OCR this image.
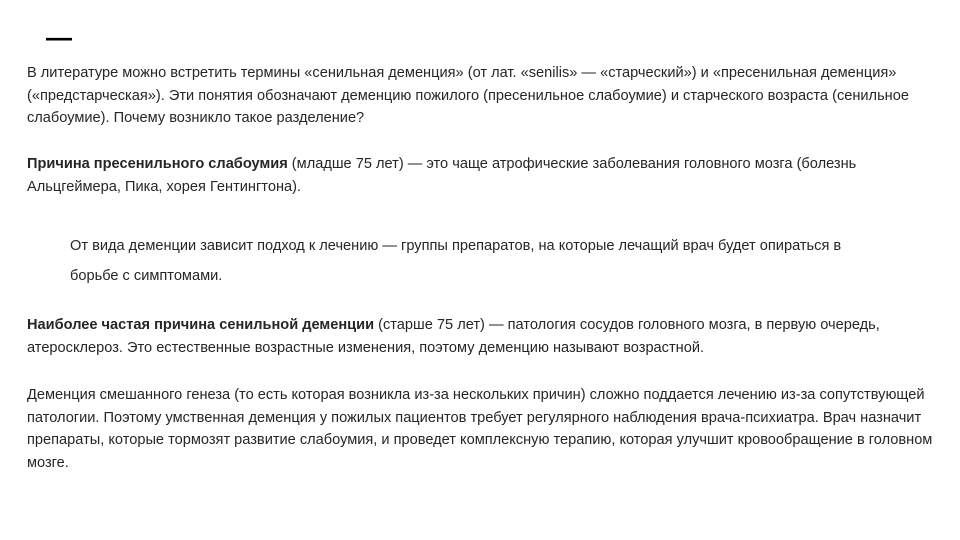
—

В литературе можно встретить термины «сенильная деменция» (от лат. «senilis» — «старческий») и «пресенильная деменция» («предстарческая»). Эти понятия обозначают деменцию пожилого (пресенильное слабоумие) и старческого возраста (сенильное слабоумие). Почему возникло такое разделение?

Причина пресенильного слабоумия (младше 75 лет) — это чаще атрофические заболевания головного мозга (болезнь Альцгеймера, Пика, хорея Гентингтона).

От вида деменции зависит подход к лечению — группы препаратов, на которые лечащий врач будет опираться в борьбе с симптомами.

Наиболее частая причина сенильной деменции (старше 75 лет) — патология сосудов головного мозга, в первую очередь, атеросклероз. Это естественные возрастные изменения, поэтому деменцию называют возрастной.

Деменция смешанного генеза (то есть которая возникла из-за нескольких причин) сложно поддается лечению из-за сопутствующей патологии. Поэтому умственная деменция у пожилых пациентов требует регулярного наблюдения врача-психиатра. Врач назначит препараты, которые тормозят развитие слабоумия, и проведет комплексную терапию, которая улучшит кровообращение в головном мозге.
